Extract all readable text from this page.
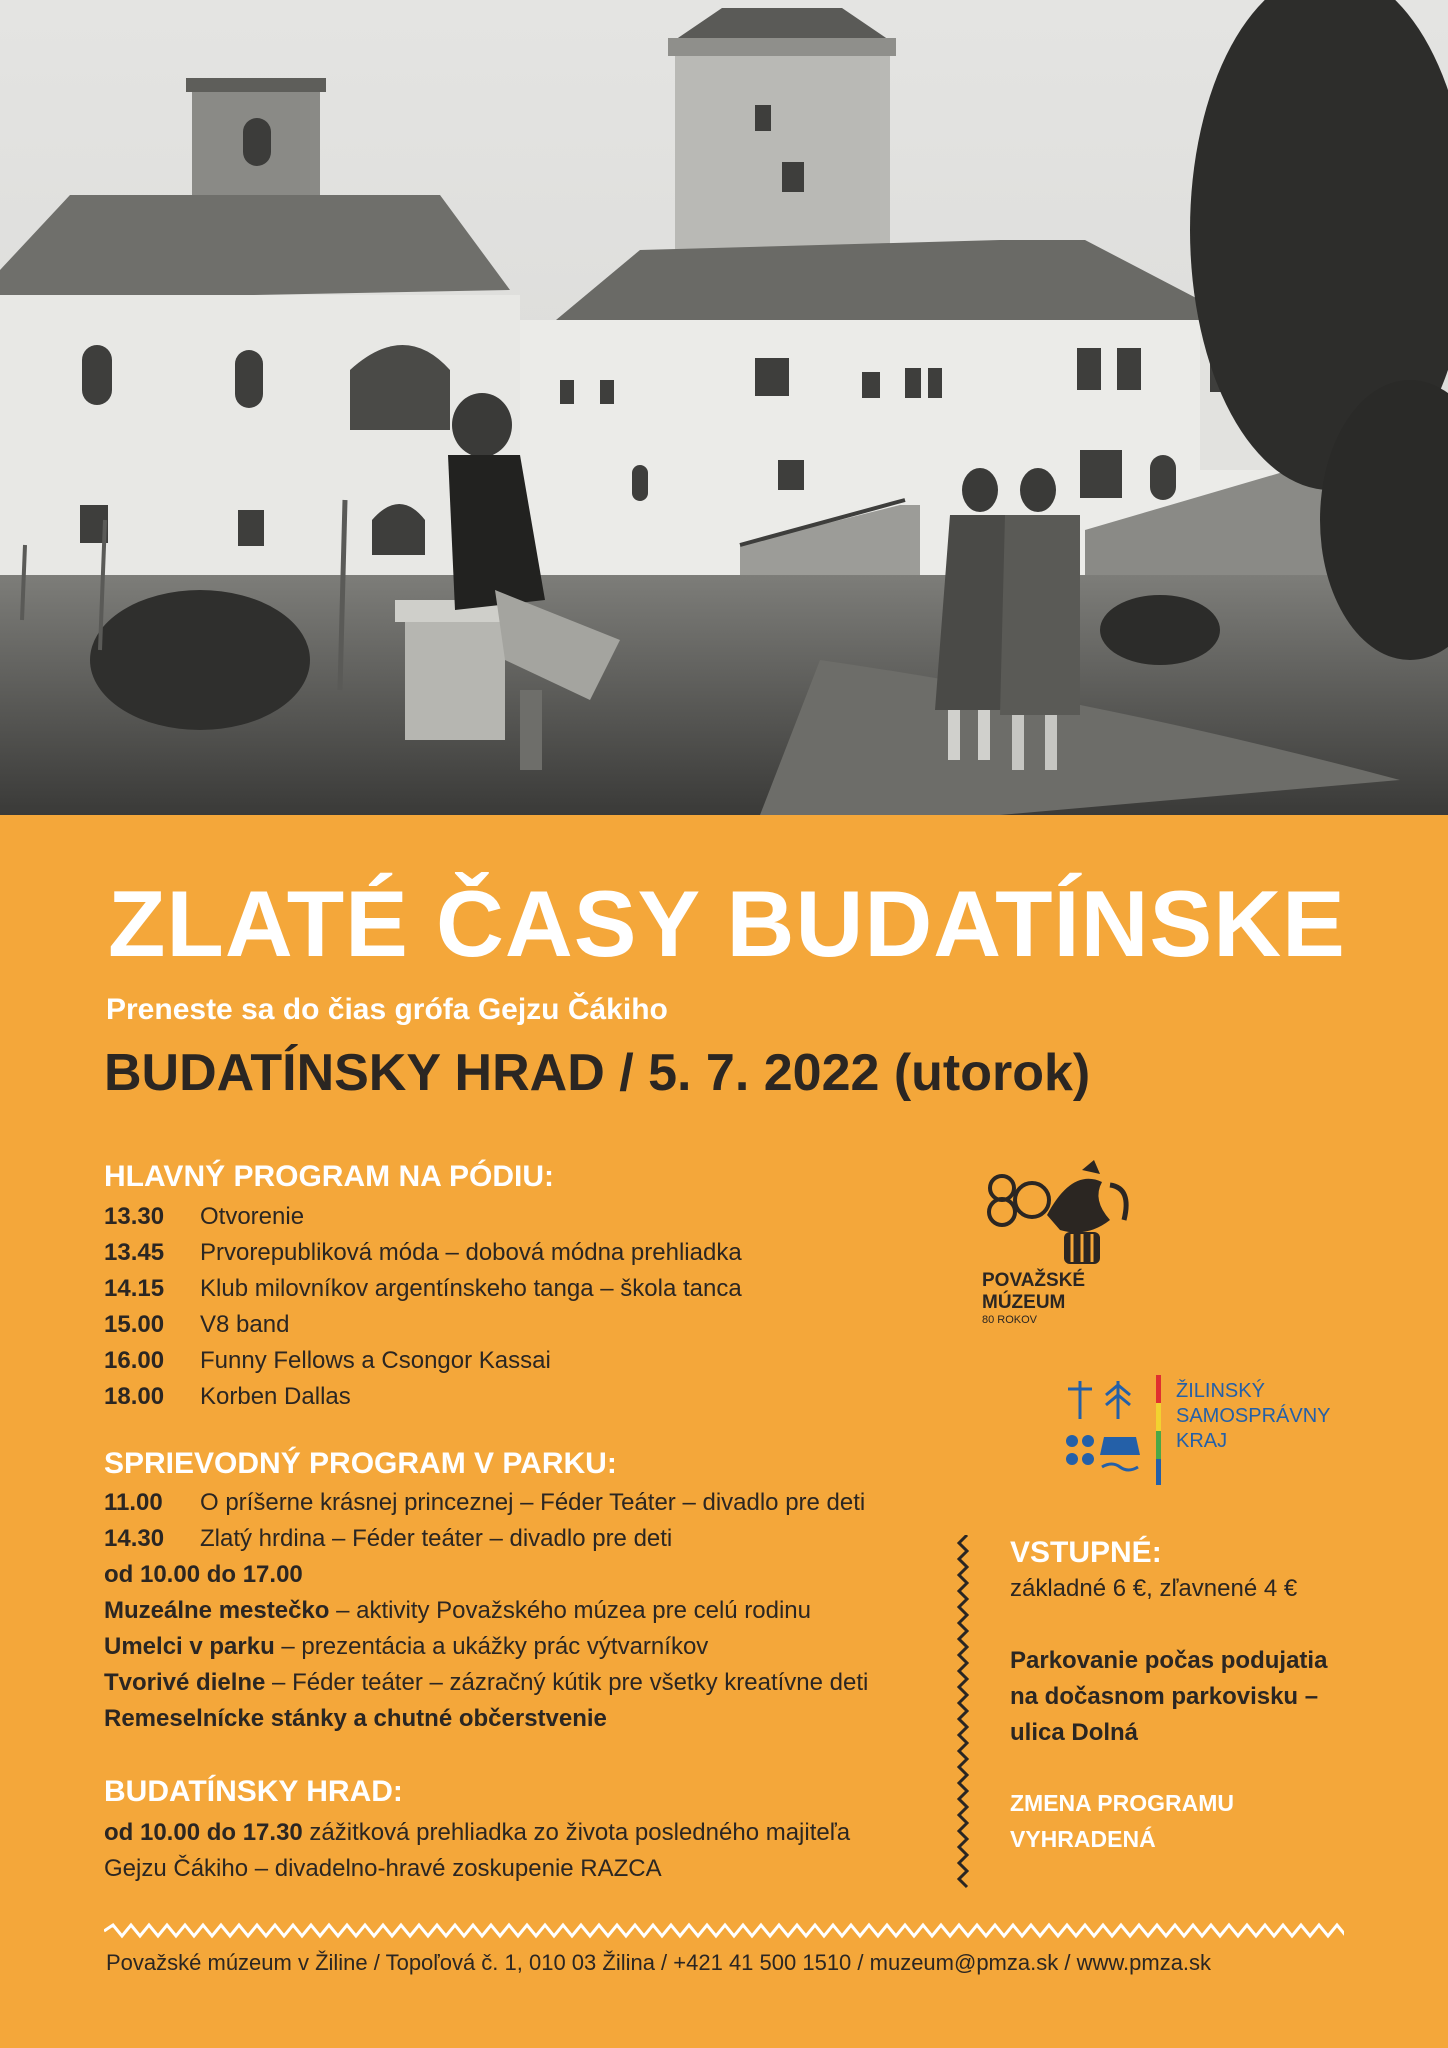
ZLATÉ ČASY BUDATÍNSKE

Preneste sa do čias grófa Gejzu Čákiho

BUDATÍNSKY HRAD / 5. 7. 2022 (utorok)

HLAVNÝ PROGRAM NA PÓDIU:

13.30	Otvorenie
13.45	Prvorepubliková móda – dobová módna prehliadka
14.15	Klub milovníkov argentínskeho tanga – škola tanca
15.00	V8 band
16.00	Funny Fellows a Csongor Kassai
18.00	Korben Dallas

SPRIEVODNÝ PROGRAM V PARKU:

11.00	O príšerne krásnej princeznej – Féder Teáter – divadlo pre deti
14.30	Zlatý hrdina – Féder teáter – divadlo pre deti
od 10.00 do 17.00
Muzeálne mestečko – aktivity Považského múzea pre celú rodinu
Umelci v parku – prezentácia a ukážky prác výtvarníkov
Tvorivé dielne – Féder teáter – zázračný kútik pre všetky kreatívne deti
Remeselnícke stánky a chutné občerstvenie

BUDATÍNSKY HRAD:

od 10.00 do 17.30 zážitková prehliadka zo života posledného majiteľa
Gejzu Čákiho – divadelno-hravé zoskupenie RAZCA

VSTUPNÉ:

základné 6 €, zľavnené 4 €

Parkovanie počas podujatia

na dočasnom parkovisku –

ulica Dolná

ZMENA PROGRAMU

VYHRADENÁ

POVAŽSKÉ

MÚZEUM

80 ROKOV

ŽILINSKÝ
SAMOSPRÁVNY
KRAJ

Považské múzeum v Žiline / Topoľová č. 1, 010 03 Žilina / +421 41 500 1510 / muzeum@pmza.sk / www.pmza.sk
